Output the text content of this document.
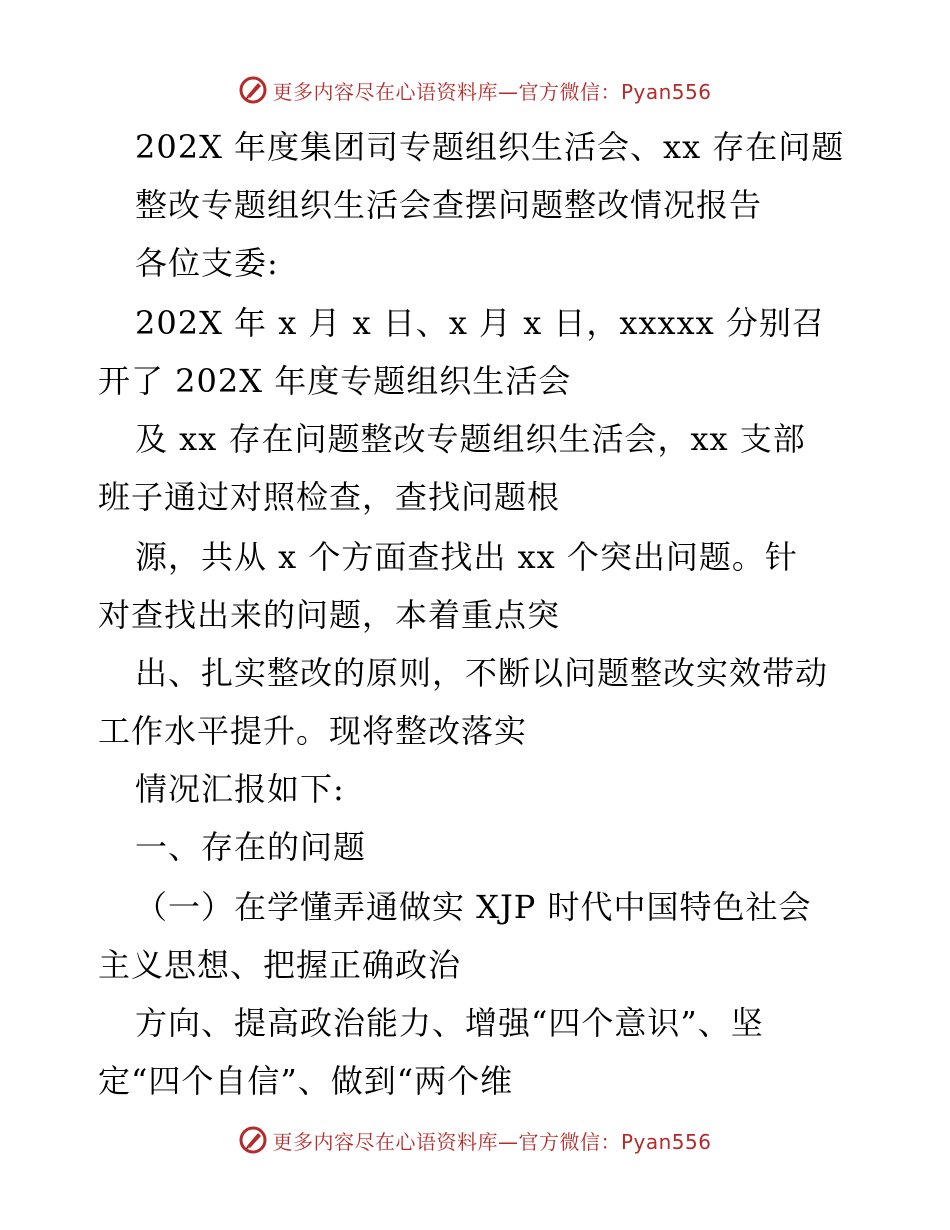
更多内容尽在心语资料库—官方微信：Pyan556
202X 年度集团司专题组织生活会、xx 存在问题
整改专题组织生活会查摆问题整改情况报告
各位支委:
202X 年 x 月 x 日、x 月 x 日，xxxxx 分别召
开了 202X 年度专题组织生活会
及 xx 存在问题整改专题组织生活会，xx 支部
班子通过对照检查，查找问题根
源，共从 x 个方面查找出 xx 个突出问题。针
对查找出来的问题，本着重点突
出、扎实整改的原则，不断以问题整改实效带动
工作水平提升。现将整改落实
情况汇报如下:
一、存在的问题
（一）在学懂弄通做实 XJP 时代中国特色社会
主义思想、把握正确政治
方向、提高政治能力、增强“四个意识”、坚
定“四个自信”、做到“两个维
更多内容尽在心语资料库—官方微信：Pyan556
